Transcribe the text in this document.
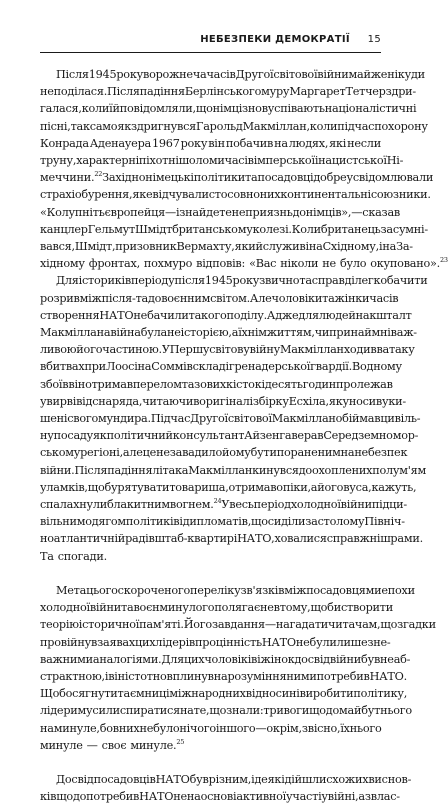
НЕБЕЗПЕКИ ДЕМОКРАТІЇ 15
Після 1945 року ворожнеча часів Другої світової війни майже нікуди
не поділася. Після падіння Берлінського муру Маргарет Тетчер здри-
галася, коли їй повідомляли, що німці знову співають націоналістичні
пісні, так само як здригнувся Гарольд Макміллан, коли під час похорону
Конрада Аденауера 1967 року він побачив на людях, які несли
труну, характерні піхотні шоломи часів імперської і нацистської Ні-
меччини.$^{22}$ Західнонімецькі політики та посадовці добре усвідомлювали
страх і обурення, яке відчували стосовно них континентальні союзники.
«Колупніть європейця — і знайдете неприязнь до німців», — сказав
канцлер Гельмут Шмідт британському колезі. Коли британець засумні-
вався, Шмідт, призовник Вермахту, який служив і на Східному, і на За-
хідному фронтах, похмуро відповів: «Вас ніколи не було окуповано».$^{23}$
Для історикiв періоду після 1945 року звично та справді легко бачити
розрив між після- та довоєнним світом. Але чоловіки та жінки часів
створення НАТО не бачили такого поділу. Адже для людей на кшталт
Макміллана війна була не історією, а їхнім життям, чи принаймні важ-
ливою його частиною. У Першу світову війну Макміллан ходив в атаку
в битвах при Лоос і на Соммі в складі гренадерської гвардії. В одному
з боїв він отримав перелом тазових кісток і десять годин пролежав
у вирві від снаряда, читаючи в оригіналі збірку Есхіла, яку носив у ки-
шені свого мундира. Під час Другої світової Макміллан обіймав цивіль-
ну посаду як політичний консультант Айзенгавера в Середземномор-
ському регіоні, але це не завадило йому бути пораненим на небезпек
війни. Після падіння літака Макміллан кинувся до охоплених полум'ям
уламків, щоб урятувати товариша, отримав опіки, а його вуса, кажуть,
спалахнули блакитним вогнем.$^{24}$ Увесь період холодної війни під ци-
вільним одягом політиків і дипломатів, що сиділи за столом у Північ-
ноатлантичній раді в штаб-квартирі НАТО, ховалися справжні шрами.
Та спогади.
Мета цього скороченого переліку зв'язків між посадовцями епохи
холодної війни та воєн минулого полягає не в тому, щоби створити
теорію історичної пам'яті. Його завдання — нагадати читачам, що згадки
про війну в заявах цих лідерів про цінність НАТО не були лише зне-
важними аналогіями. Для цих чоловіків і жінок досвід війни був не аб-
страктною, і він істотно вплинув на розуміння ними потреби в НАТО.
Щоб осягнути таємниці міжнародних відносин і виробити політику,
лідери мусили спиратися на те, що знали: тривоги щодо майбутнього
на минуле, бо в них не було нічого іншого — окрім, звісно, їхнього
минуле — своє минуле.$^{25}$
Досвід посадовців НАТО був різним, і деякі дійшли схожих виснов-
ків щодо потреби в НАТО не на основі активної участі у війні, а з влас-
